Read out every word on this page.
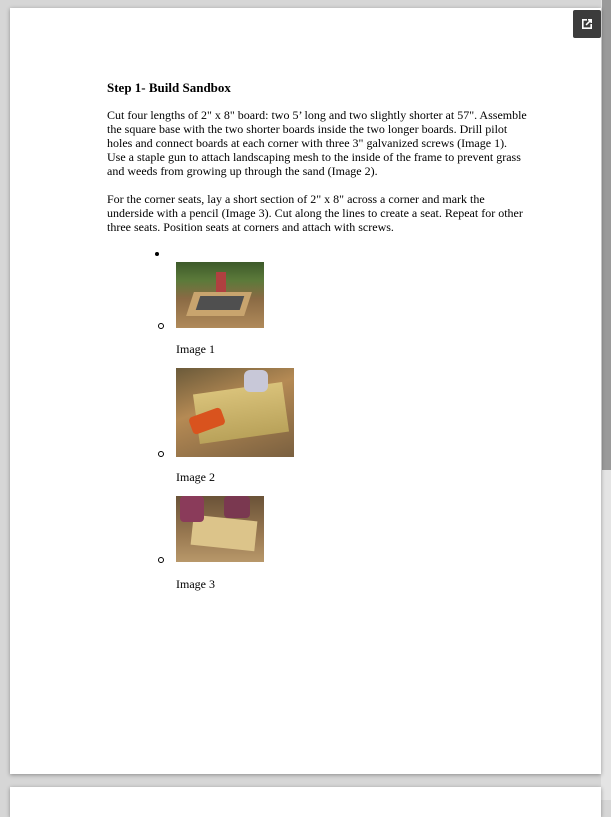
Step 1- Build Sandbox

Cut four lengths of 2" x 8" board: two 5’ long and two slightly shorter at 57". Assemble the square base with the two shorter boards inside the two longer boards. Drill pilot holes and connect boards at each corner with three 3" galvanized screws (Image 1). Use a staple gun to attach landscaping mesh to the inside of the frame to prevent grass and weeds from growing up through the sand (Image 2).

For the corner seats, lay a short section of 2" x 8" across a corner and mark the underside with a pencil (Image 3). Cut along the lines to create a seat. Repeat for other three seats. Position seats at corners and attach with screws.

Image 1
Image 2
Image 3
